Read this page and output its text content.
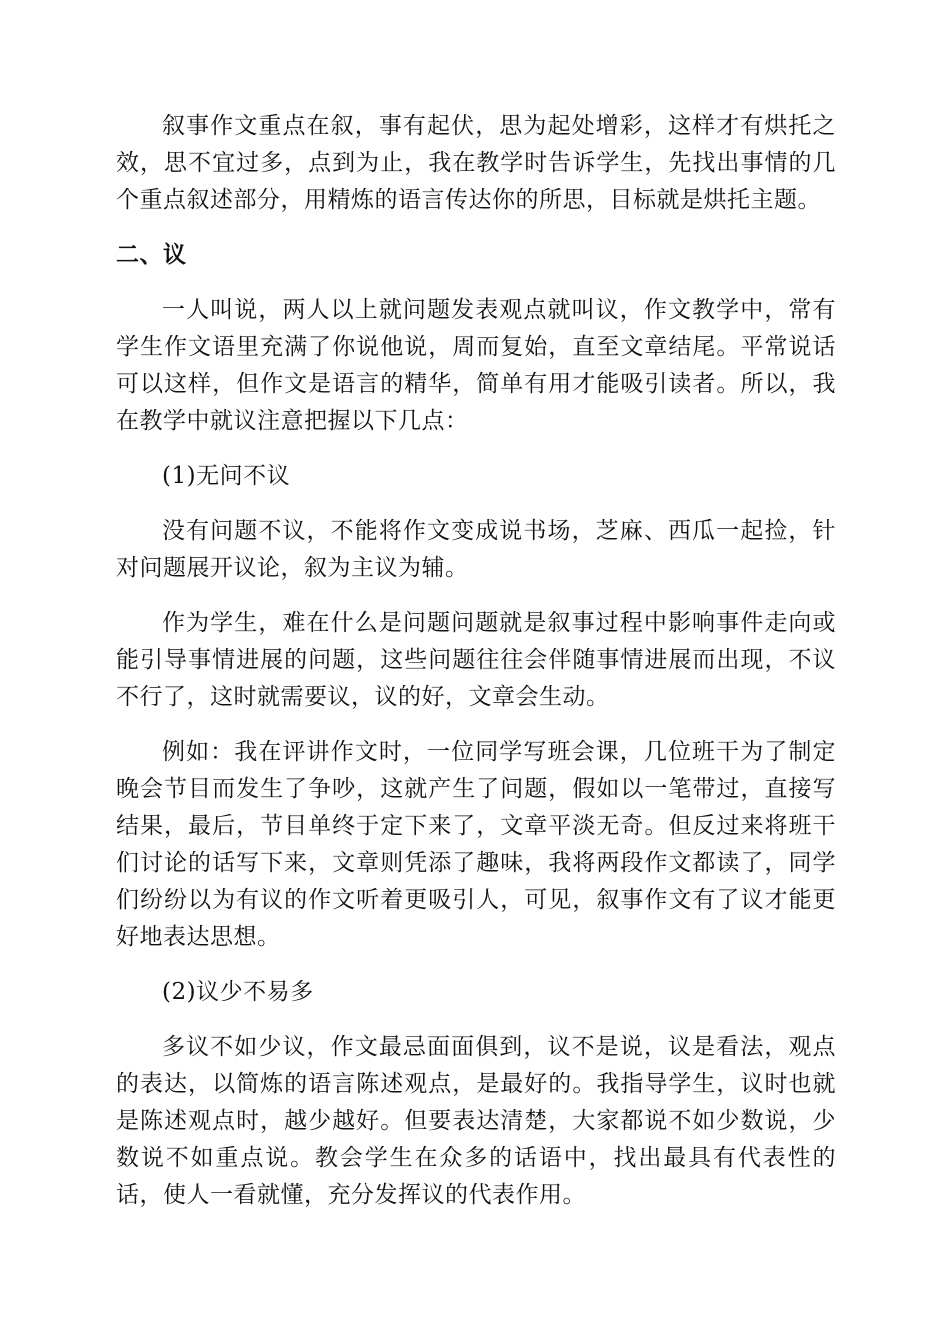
叙事作文重点在叙，事有起伏，思为起处增彩，这样才有烘托之效，思不宜过多，点到为止，我在教学时告诉学生，先找出事情的几个重点叙述部分，用精炼的语言传达你的所思，目标就是烘托主题。

二、议

一人叫说，两人以上就问题发表观点就叫议，作文教学中，常有学生作文语里充满了你说他说，周而复始，直至文章结尾。平常说话可以这样，但作文是语言的精华，简单有用才能吸引读者。所以，我在教学中就议注意把握以下几点：

(1)无问不议

没有问题不议，不能将作文变成说书场，芝麻、西瓜一起捡，针对问题展开议论，叙为主议为辅。

作为学生，难在什么是问题问题就是叙事过程中影响事件走向或能引导事情进展的问题，这些问题往往会伴随事情进展而出现，不议不行了，这时就需要议，议的好，文章会生动。

例如：我在评讲作文时，一位同学写班会课，几位班干为了制定晚会节目而发生了争吵，这就产生了问题，假如以一笔带过，直接写结果，最后，节目单终于定下来了，文章平淡无奇。但反过来将班干们讨论的话写下来，文章则凭添了趣味，我将两段作文都读了，同学们纷纷以为有议的作文听着更吸引人，可见，叙事作文有了议才能更好地表达思想。

(2)议少不易多

多议不如少议，作文最忌面面俱到，议不是说，议是看法，观点的表达，以简炼的语言陈述观点，是最好的。我指导学生，议时也就是陈述观点时，越少越好。但要表达清楚，大家都说不如少数说，少数说不如重点说。教会学生在众多的话语中，找出最具有代表性的话，使人一看就懂，充分发挥议的代表作用。
